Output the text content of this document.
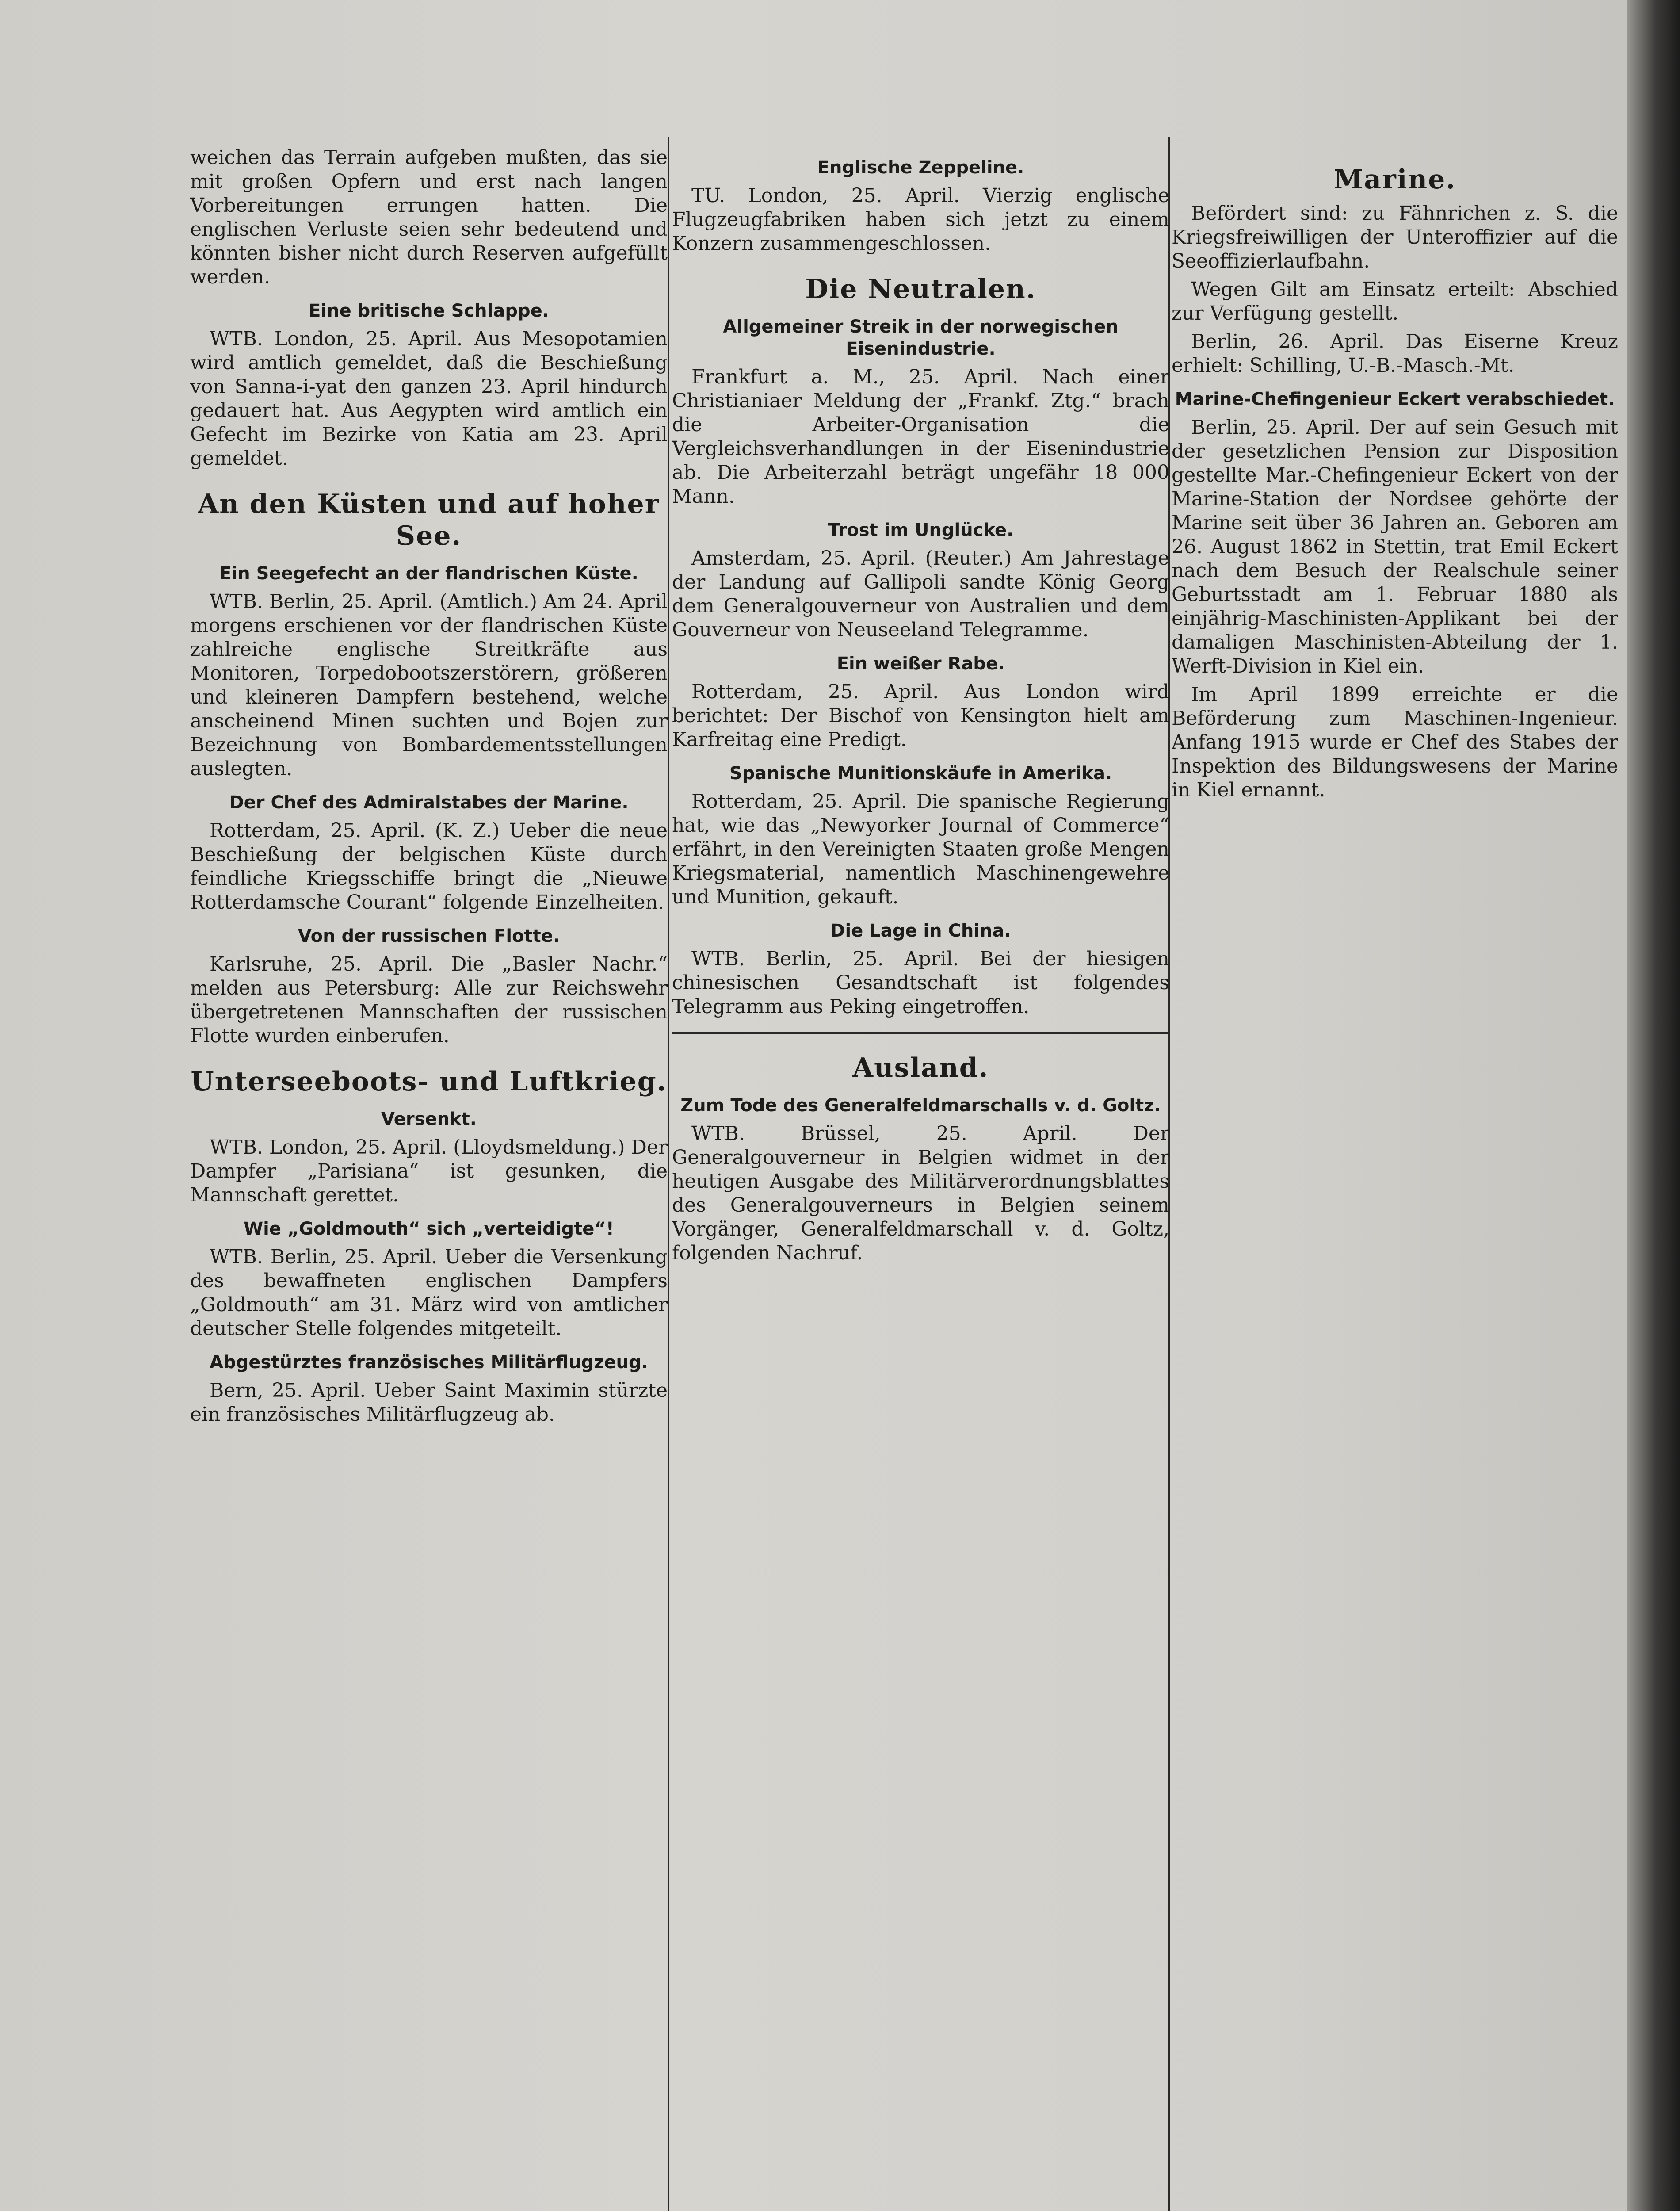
weichen das Terrain aufgeben mußten, das sie mit großen Opfern und erst nach langen Vorbereitungen errungen hatten. Die englischen Verluste seien sehr bedeutend und könnten bisher nicht durch Reserven aufgefüllt werden.

Eine britische Schlappe.

WTB. London, 25. April. Aus Mesopotamien wird amtlich gemeldet, daß die Beschießung von Sanna-i-yat den ganzen 23. April hindurch gedauert hat. Aus Aegypten wird amtlich ein Gefecht im Bezirke von Katia am 23. April gemeldet.

An den Küsten und auf hoher See.
Ein Seegefecht an der flandrischen Küste.

WTB. Berlin, 25. April. (Amtlich.) Am 24. April morgens erschienen vor der flandrischen Küste zahlreiche englische Streitkräfte aus Monitoren, Torpedobootszerstörern, größeren und kleineren Dampfern bestehend, welche anscheinend Minen suchten und Bojen zur Bezeichnung von Bombardementsstellungen auslegten.

Der Chef des Admiralstabes der Marine.

Rotterdam, 25. April. (K. Z.) Ueber die neue Beschießung der belgischen Küste durch feindliche Kriegsschiffe bringt die „Nieuwe Rotterdamsche Courant“ folgende Einzelheiten.

Von der russischen Flotte.

Karlsruhe, 25. April. Die „Basler Nachr.“ melden aus Petersburg: Alle zur Reichswehr übergetretenen Mannschaften der russischen Flotte wurden einberufen.

Unterseeboots- und Luftkrieg.
Versenkt.

WTB. London, 25. April. (Lloydsmeldung.) Der Dampfer „Parisiana“ ist gesunken, die Mannschaft gerettet.

Wie „Goldmouth“ sich „verteidigte“!

WTB. Berlin, 25. April. Ueber die Versenkung des bewaffneten englischen Dampfers „Goldmouth“ am 31. März wird von amtlicher deutscher Stelle folgendes mitgeteilt.

Abgestürztes französisches Militärflugzeug.

Bern, 25. April. Ueber Saint Maximin stürzte ein französisches Militärflugzeug ab.

Englische Zeppeline.

TU. London, 25. April. Vierzig englische Flugzeugfabriken haben sich jetzt zu einem Konzern zusammengeschlossen.

Die Neutralen.
Allgemeiner Streik in der norwegischen Eisenindustrie.

Frankfurt a. M., 25. April. Nach einer Christianiaer Meldung der „Frankf. Ztg.“ brach die Arbeiter-Organisation die Vergleichsverhandlungen in der Eisenindustrie ab. Die Arbeiterzahl beträgt ungefähr 18 000 Mann.

Trost im Unglücke.

Amsterdam, 25. April. (Reuter.) Am Jahrestage der Landung auf Gallipoli sandte König Georg dem Generalgouverneur von Australien und dem Gouverneur von Neuseeland Telegramme.

Ein weißer Rabe.

Rotterdam, 25. April. Aus London wird berichtet: Der Bischof von Kensington hielt am Karfreitag eine Predigt.

Spanische Munitionskäufe in Amerika.

Rotterdam, 25. April. Die spanische Regierung hat, wie das „Newyorker Journal of Commerce“ erfährt, in den Vereinigten Staaten große Mengen Kriegsmaterial, namentlich Maschinengewehre und Munition, gekauft.

Die Lage in China.

WTB. Berlin, 25. April. Bei der hiesigen chinesischen Gesandtschaft ist folgendes Telegramm aus Peking eingetroffen.

Ausland.
Zum Tode des Generalfeldmarschalls v. d. Goltz.

WTB. Brüssel, 25. April. Der Generalgouverneur in Belgien widmet in der heutigen Ausgabe des Militärverordnungsblattes des Generalgouverneurs in Belgien seinem Vorgänger, Generalfeldmarschall v. d. Goltz, folgenden Nachruf.

Marine.

Befördert sind: zu Fähnrichen z. S. die Kriegsfreiwilligen der Unteroffizier auf die Seeoffizierlaufbahn.

Wegen Gilt am Einsatz erteilt: Abschied zur Verfügung gestellt.

Berlin, 26. April. Das Eiserne Kreuz erhielt: Schilling, U.-B.-Masch.-Mt.

Marine-Chefingenieur Eckert verabschiedet.

Berlin, 25. April. Der auf sein Gesuch mit der gesetzlichen Pension zur Disposition gestellte Mar.-Chefingenieur Eckert von der Marine-Station der Nordsee gehörte der Marine seit über 36 Jahren an. Geboren am 26. August 1862 in Stettin, trat Emil Eckert nach dem Besuch der Realschule seiner Geburtsstadt am 1. Februar 1880 als einjährig-Maschinisten-Applikant bei der damaligen Maschinisten-Abteilung der 1. Werft-Division in Kiel ein.

Im April 1899 erreichte er die Beförderung zum Maschinen-Ingenieur. Anfang 1915 wurde er Chef des Stabes der Inspektion des Bildungswesens der Marine in Kiel ernannt.
